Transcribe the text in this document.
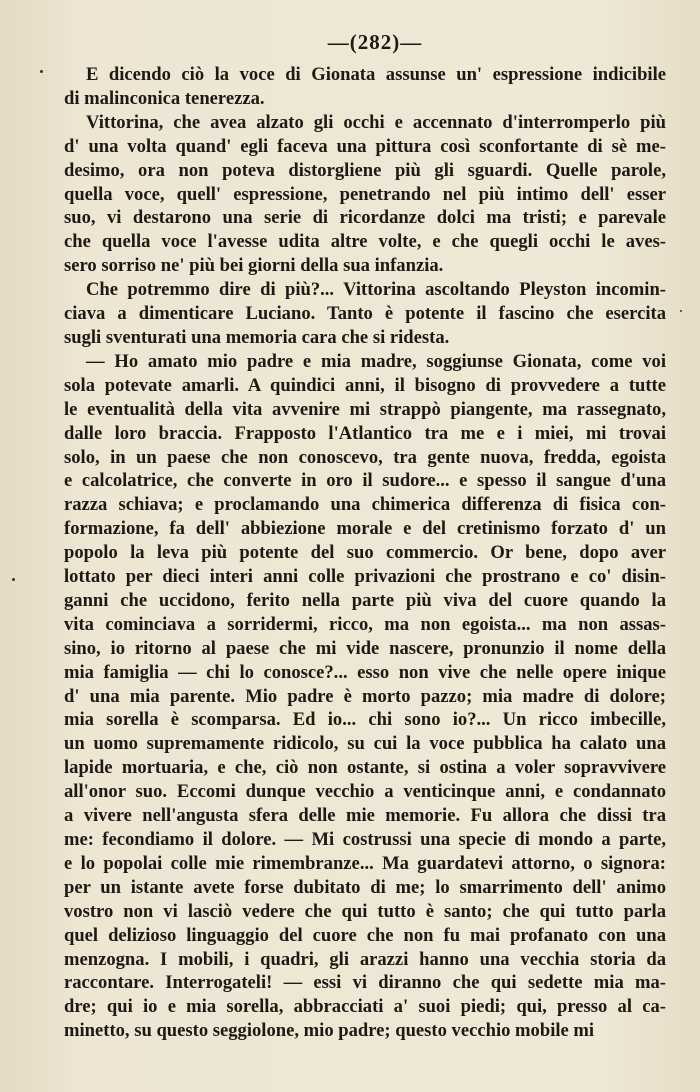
—(282)—
E dicendo ciò la voce di Gionata assunse un' espressione indicibile
di malinconica tenerezza.
Vittorina, che avea alzato gli occhi e accennato d'interromperlo più
d' una volta quand' egli faceva una pittura così sconfortante di sè me-
desimo, ora non poteva distorgliene più gli sguardi. Quelle parole,
quella voce, quell' espressione, penetrando nel più intimo dell' esser
suo, vi destarono una serie di ricordanze dolci ma tristi; e parevale
che quella voce l'avesse udita altre volte, e che quegli occhi le aves-
sero sorriso ne' più bei giorni della sua infanzia.
Che potremmo dire di più?... Vittorina ascoltando Pleyston incomin-
ciava a dimenticare Luciano. Tanto è potente il fascino che esercita
sugli sventurati una memoria cara che si ridesta.
— Ho amato mio padre e mia madre, soggiunse Gionata, come voi
sola potevate amarli. A quindici anni, il bisogno di provvedere a tutte
le eventualità della vita avvenire mi strappò piangente, ma rassegnato,
dalle loro braccia. Frapposto l'Atlantico tra me e i miei, mi trovai
solo, in un paese che non conoscevo, tra gente nuova, fredda, egoista
e calcolatrice, che converte in oro il sudore... e spesso il sangue d'una
razza schiava; e proclamando una chimerica differenza di fisica con-
formazione, fa dell' abbiezione morale e del cretinismo forzato d' un
popolo la leva più potente del suo commercio. Or bene, dopo aver
lottato per dieci interi anni colle privazioni che prostrano e co' disin-
ganni che uccidono, ferito nella parte più viva del cuore quando la
vita cominciava a sorridermi, ricco, ma non egoista... ma non assas-
sino, io ritorno al paese che mi vide nascere, pronunzio il nome della
mia famiglia — chi lo conosce?... esso non vive che nelle opere inique
d' una mia parente. Mio padre è morto pazzo; mia madre di dolore;
mia sorella è scomparsa. Ed io... chi sono io?... Un ricco imbecille,
un uomo supremamente ridicolo, su cui la voce pubblica ha calato una
lapide mortuaria, e che, ciò non ostante, si ostina a voler sopravvivere
all'onor suo. Eccomi dunque vecchio a venticinque anni, e condannato
a vivere nell'angusta sfera delle mie memorie. Fu allora che dissi tra
me: fecondiamo il dolore. — Mi costrussi una specie di mondo a parte,
e lo popolai colle mie rimembranze... Ma guardatevi attorno, o signora:
per un istante avete forse dubitato di me; lo smarrimento dell' animo
vostro non vi lasciò vedere che qui tutto è santo; che qui tutto parla
quel delizioso linguaggio del cuore che non fu mai profanato con una
menzogna. I mobili, i quadri, gli arazzi hanno una vecchia storia da
raccontare. Interrogateli! — essi vi diranno che qui sedette mia ma-
dre; qui io e mia sorella, abbracciati a' suoi piedi; qui, presso al ca-
minetto, su questo seggiolone, mio padre; questo vecchio mobile mi
